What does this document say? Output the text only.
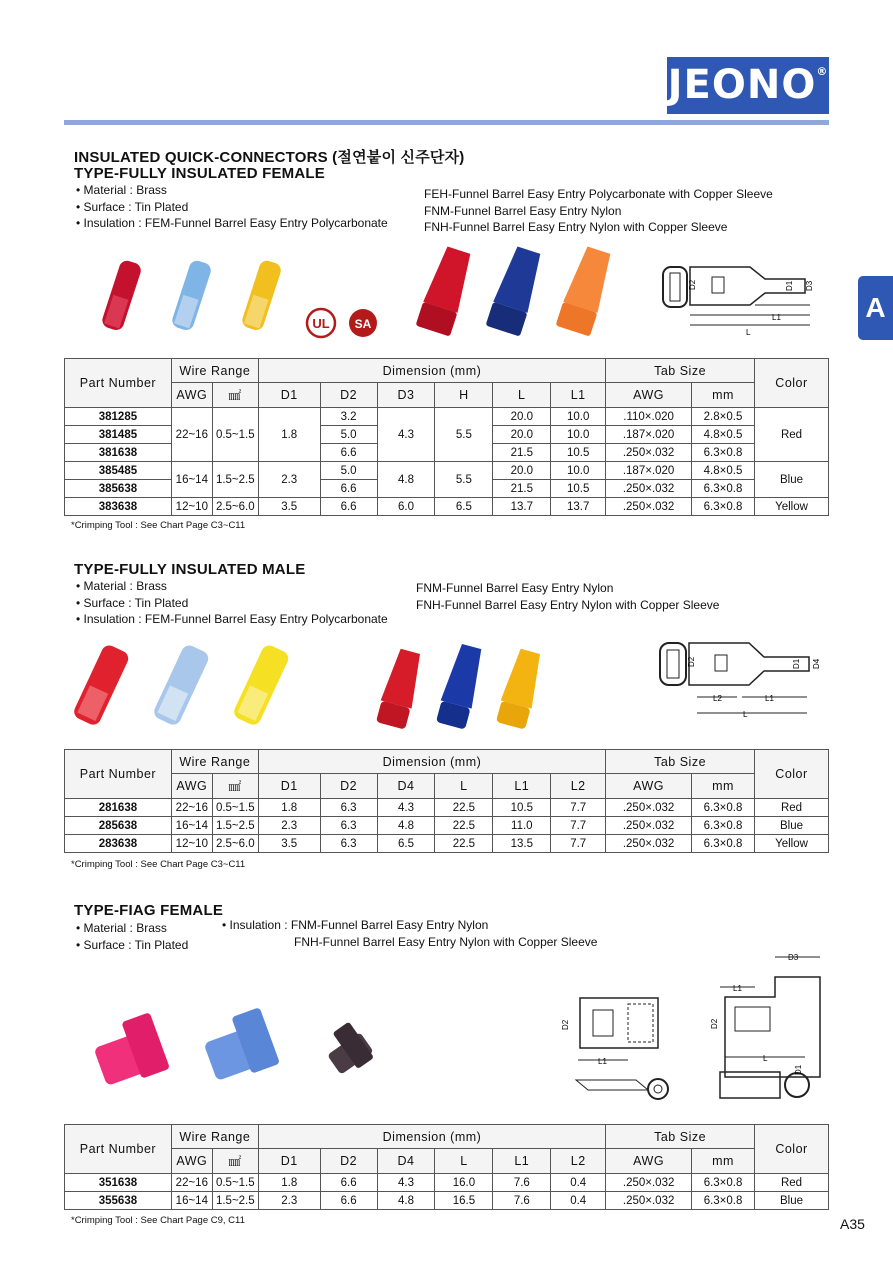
JEONO®
A
INSULATED QUICK-CONNECTORS (절연붙이 신주단자)
TYPE-FULLY INSULATED FEMALE
• Material : Brass
• Surface : Tin Plated
• Insulation : FEM-Funnel Barrel Easy Entry Polycarbonate
FEH-Funnel Barrel Easy Entry Polycarbonate with Copper Sleeve
FNM-Funnel Barrel Easy Entry Nylon
FNH-Funnel Barrel Easy Entry Nylon with Copper Sleeve
UL SA
D2	D1 D3
L1
L
Part Number	Wire Range		Dimension (mm)						Tab Size		Color
	AWG	㎟	D1	D2	D3	H	L	L1	AWG	mm	
381285	22~16	0.5~1.5	1.8	3.2	4.3	5.5	20.0	10.0	.110×.020	2.8×0.5	Red
381485				5.0			20.0	10.0	.187×.020	4.8×0.5	
381638				6.6			21.5	10.5	.250×.032	6.3×0.8	
385485	16~14	1.5~2.5	2.3	5.0	4.8	5.5	20.0	10.0	.187×.020	4.8×0.5	Blue
385638				6.6			21.5	10.5	.250×.032	6.3×0.8	
383638	12~10	2.5~6.0	3.5	6.6	6.0	6.5	13.7	13.7	.250×.032	6.3×0.8	Yellow
*Crimping Tool : See Chart Page C3~C11
TYPE-FULLY INSULATED MALE
• Material : Brass
• Surface : Tin Plated
• Insulation : FEM-Funnel Barrel Easy Entry Polycarbonate
FNM-Funnel Barrel Easy Entry Nylon
FNH-Funnel Barrel Easy Entry Nylon with Copper Sleeve
D2	D1 D4
L2	L1
L
Part Number	Wire Range		Dimension (mm)						Tab Size		Color
	AWG	㎟	D1	D2	D4	L	L1	L2	AWG	mm	
281638	22~16	0.5~1.5	1.8	6.3	4.3	22.5	10.5	7.7	.250×.032	6.3×0.8	Red
285638	16~14	1.5~2.5	2.3	6.3	4.8	22.5	11.0	7.7	.250×.032	6.3×0.8	Blue
283638	12~10	2.5~6.0	3.5	6.3	6.5	22.5	13.5	7.7	.250×.032	6.3×0.8	Yellow
*Crimping Tool : See Chart Page C3~C11
TYPE-FIAG FEMALE
• Material : Brass
• Surface : Tin Plated
• Insulation : FNM-Funnel Barrel Easy Entry Nylon
FNH-Funnel Barrel Easy Entry Nylon with Copper Sleeve
D2
L1
D3
L1
D2
L
D1
Part Number	Wire Range		Dimension (mm)						Tab Size		Color
	AWG	㎟	D1	D2	D4	L	L1	L2	AWG	mm	
351638	22~16	0.5~1.5	1.8	6.6	4.3	16.0	7.6	0.4	.250×.032	6.3×0.8	Red
355638	16~14	1.5~2.5	2.3	6.6	4.8	16.5	7.6	0.4	.250×.032	6.3×0.8	Blue
*Crimping Tool : See Chart Page C9, C11	A35
